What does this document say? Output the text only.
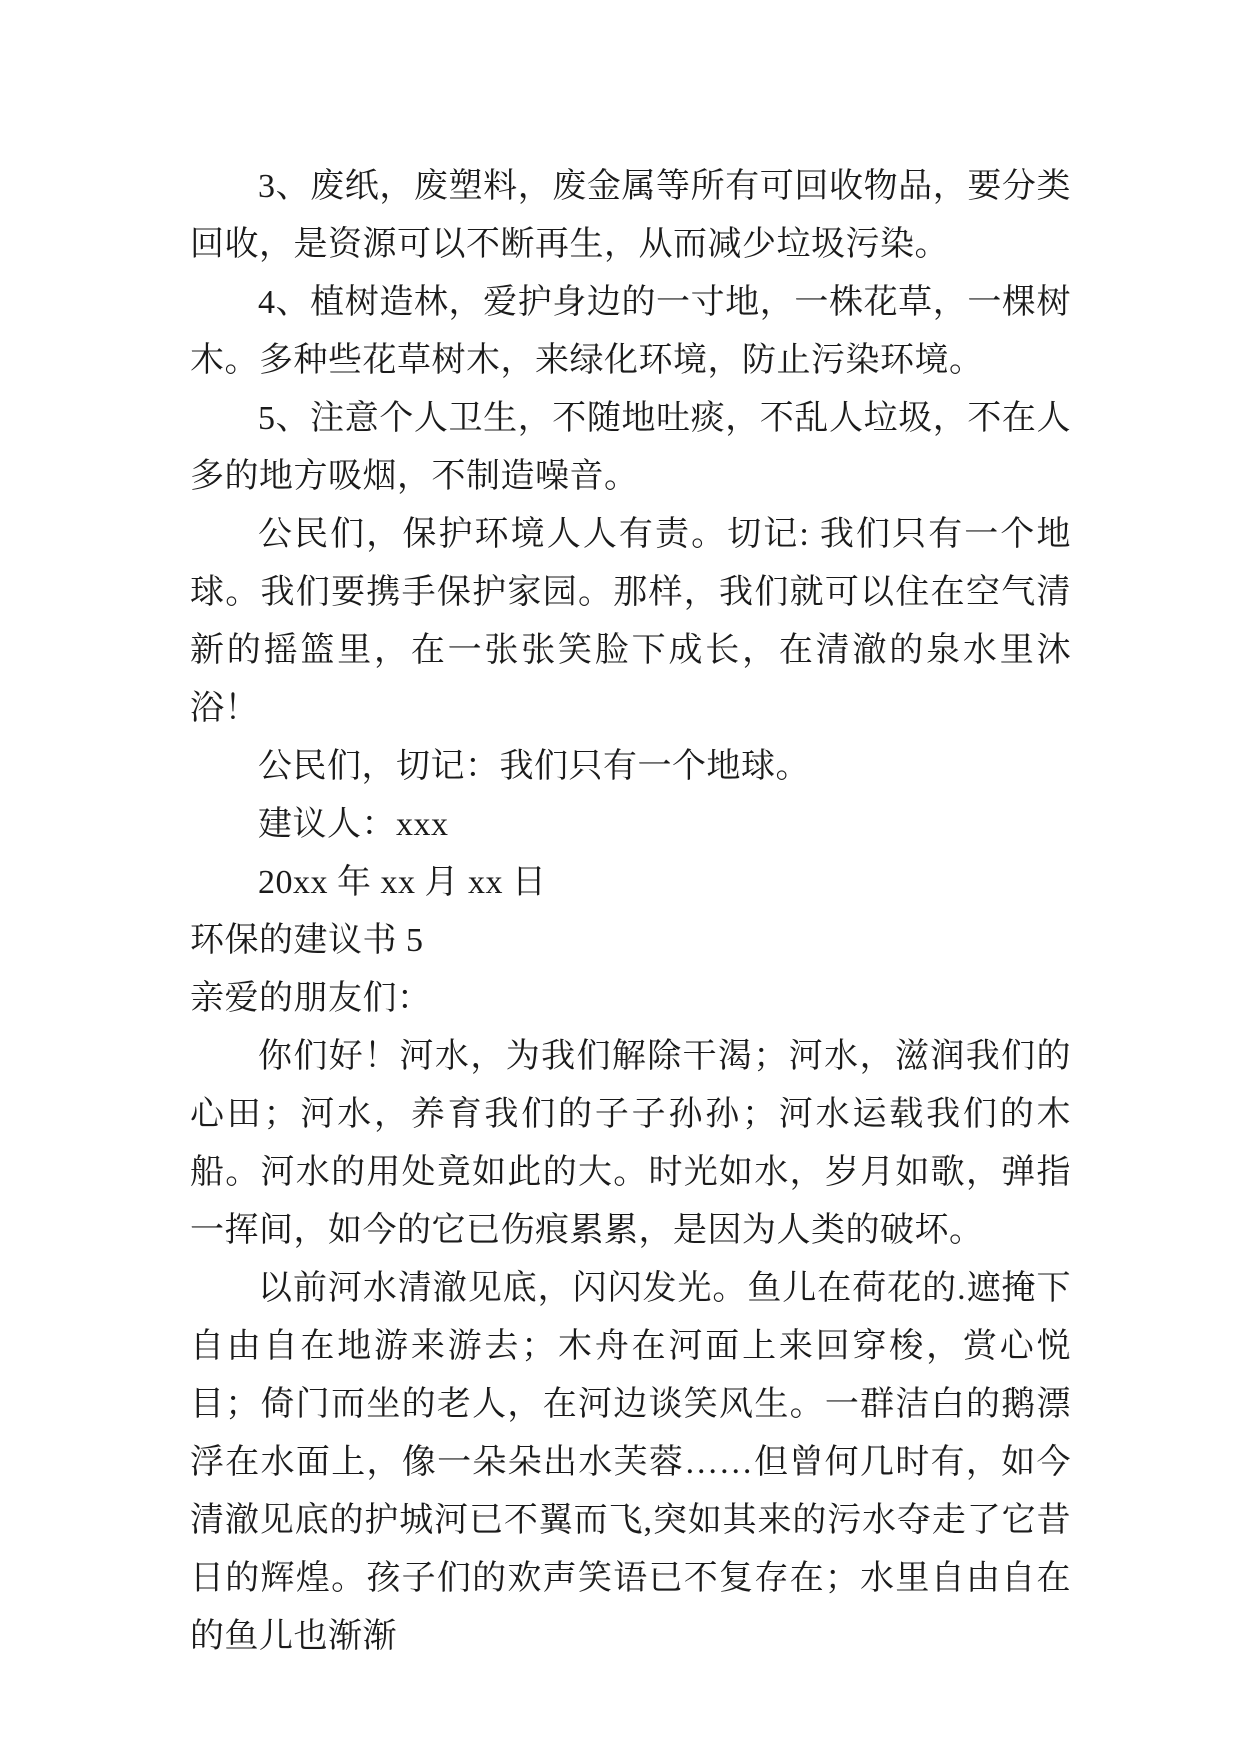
3、废纸，废塑料，废金属等所有可回收物品，要分类回收，是资源可以不断再生，从而减少垃圾污染。

4、植树造林，爱护身边的一寸地，一株花草，一棵树木。多种些花草树木，来绿化环境，防止污染环境。

5、注意个人卫生，不随地吐痰，不乱人垃圾，不在人多的地方吸烟，不制造噪音。

公民们，保护环境人人有责。切记: 我们只有一个地球。我们要携手保护家园。那样，我们就可以住在空气清新的摇篮里，在一张张笑脸下成长，在清澈的泉水里沐浴！

公民们，切记：我们只有一个地球。

建议人：xxx

20xx 年 xx 月 xx 日

环保的建议书 5

亲爱的朋友们：

你们好！河水，为我们解除干渴；河水，滋润我们的心田；河水，养育我们的子子孙孙；河水运载我们的木船。河水的用处竟如此的大。时光如水，岁月如歌，弹指一挥间，如今的它已伤痕累累，是因为人类的破坏。

以前河水清澈见底，闪闪发光。鱼儿在荷花的.遮掩下自由自在地游来游去；木舟在河面上来回穿梭，赏心悦目；倚门而坐的老人，在河边谈笑风生。一群洁白的鹅漂浮在水面上，像一朵朵出水芙蓉……但曾何几时有，如今清澈见底的护城河已不翼而飞,突如其来的污水夺走了它昔日的辉煌。孩子们的欢声笑语已不复存在；水里自由自在的鱼儿也渐渐
